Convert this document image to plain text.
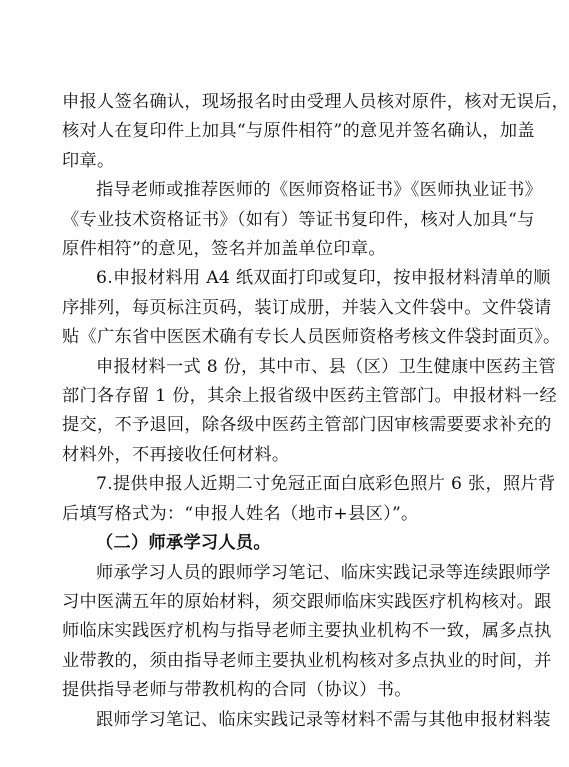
申报人签名确认，现场报名时由受理人员核对原件，核对无误后，
核对人在复印件上加具“与原件相符”的意见并签名确认，加盖
印章。

指导老师或推荐医师的《医师资格证书》《医师执业证书》
《专业技术资格证书》（如有）等证书复印件，核对人加具“与
原件相符”的意见，签名并加盖单位印章。

6.申报材料用 A4 纸双面打印或复印，按申报材料清单的顺
序排列，每页标注页码，装订成册，并装入文件袋中。文件袋请
贴《广东省中医医术确有专长人员医师资格考核文件袋封面页》。

申报材料一式 8 份，其中市、县（区）卫生健康中医药主管
部门各存留 1 份，其余上报省级中医药主管部门。申报材料一经
提交，不予退回，除各级中医药主管部门因审核需要要求补充的
材料外，不再接收任何材料。

7.提供申报人近期二寸免冠正面白底彩色照片 6 张，照片背
后填写格式为：“申报人姓名（地市+县区）”。

（二）师承学习人员。

师承学习人员的跟师学习笔记、临床实践记录等连续跟师学
习中医满五年的原始材料，须交跟师临床实践医疗机构核对。跟
师临床实践医疗机构与指导老师主要执业机构不一致，属多点执
业带教的，须由指导老师主要执业机构核对多点执业的时间，并
提供指导老师与带教机构的合同（协议）书。

跟师学习笔记、临床实践记录等材料不需与其他申报材料装
